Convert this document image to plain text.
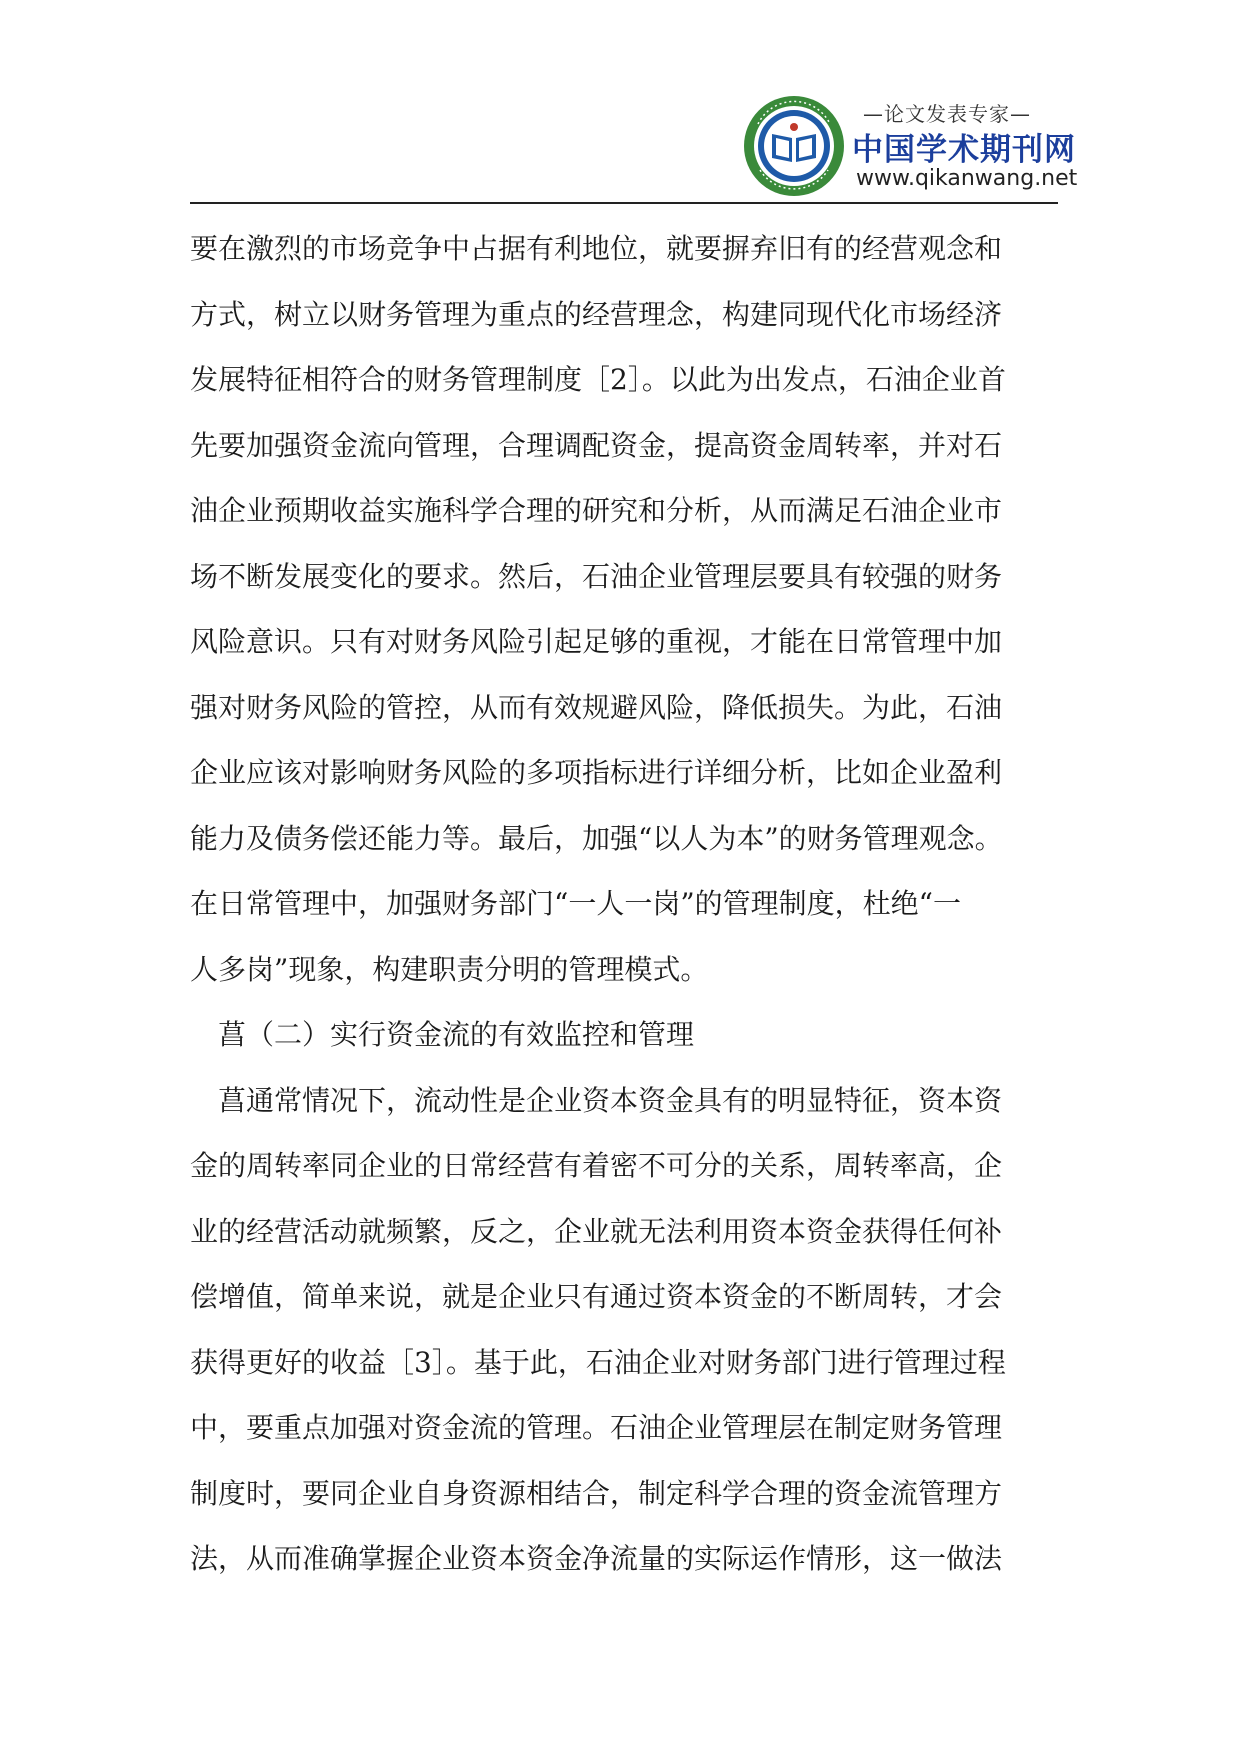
—论文发表专家—
中国学术期刊网
www.qikanwang.net
要在激烈的市场竞争中占据有利地位，就要摒弃旧有的经营观念和
方式，树立以财务管理为重点的经营理念，构建同现代化市场经济
发展特征相符合的财务管理制度［2］。以此为出发点，石油企业首
先要加强资金流向管理，合理调配资金，提高资金周转率，并对石
油企业预期收益实施科学合理的研究和分析，从而满足石油企业市
场不断发展变化的要求。然后，石油企业管理层要具有较强的财务
风险意识。只有对财务风险引起足够的重视，才能在日常管理中加
强对财务风险的管控，从而有效规避风险，降低损失。为此，石油
企业应该对影响财务风险的多项指标进行详细分析，比如企业盈利
能力及债务偿还能力等。最后，加强“以人为本”的财务管理观念。
在日常管理中，加强财务部门“一人一岗”的管理制度，杜绝“一
人多岗”现象，构建职责分明的管理模式。
菖（二）实行资金流的有效监控和管理
菖通常情况下，流动性是企业资本资金具有的明显特征，资本资
金的周转率同企业的日常经营有着密不可分的关系，周转率高，企
业的经营活动就频繁，反之，企业就无法利用资本资金获得任何补
偿增值，简单来说，就是企业只有通过资本资金的不断周转，才会
获得更好的收益［3］。基于此，石油企业对财务部门进行管理过程
中，要重点加强对资金流的管理。石油企业管理层在制定财务管理
制度时，要同企业自身资源相结合，制定科学合理的资金流管理方
法，从而准确掌握企业资本资金净流量的实际运作情形，这一做法
